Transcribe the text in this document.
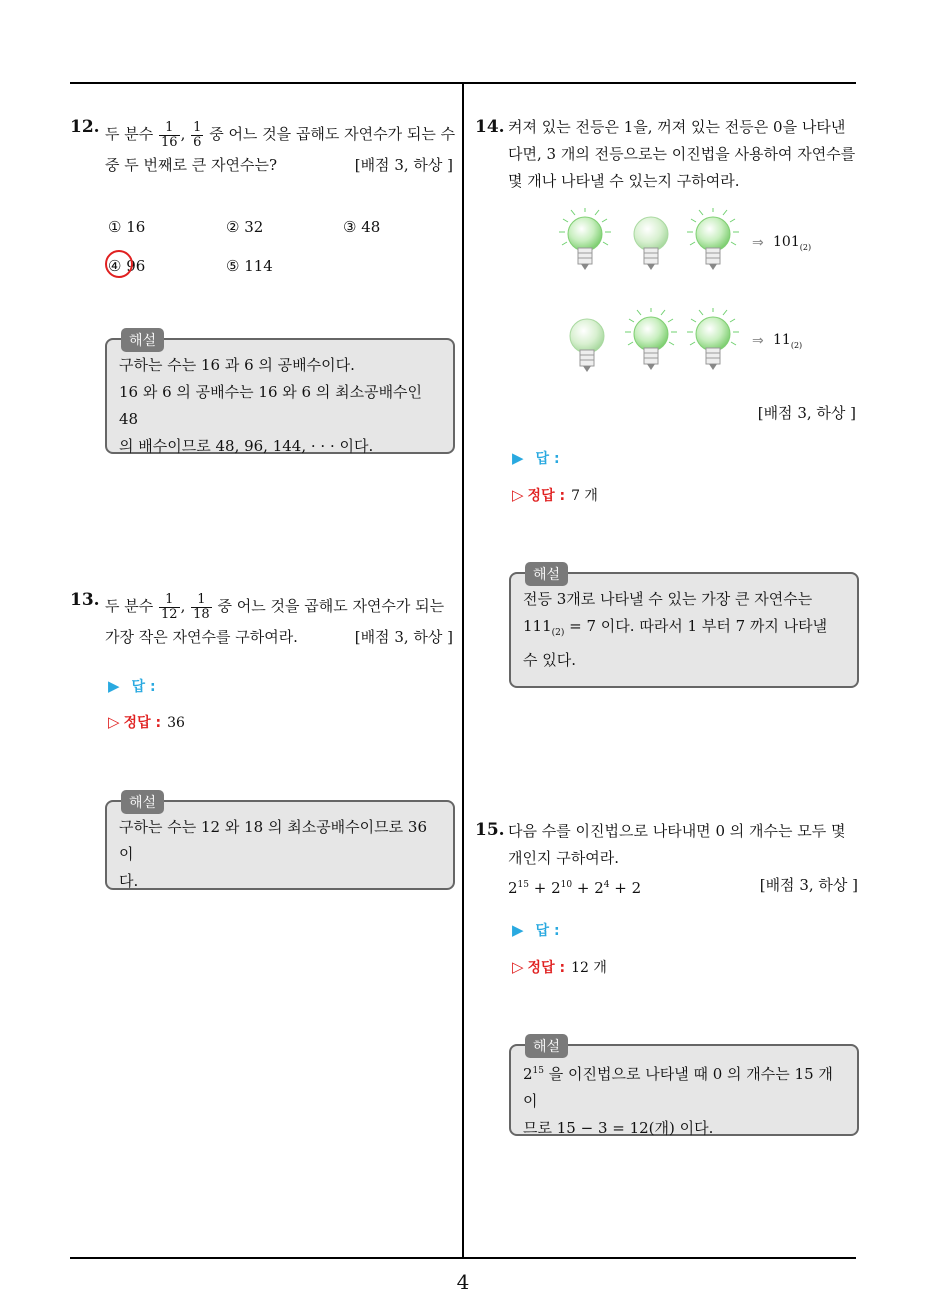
12. 두 분수 $\frac{1}{16}$ , $\frac{1}{6}$ 중 어느 것을 곱해도 자연수가 되는 수
중 두 번째로 큰 자연수는?	[배점 3, 하상 ]
① 16	② 32	③ 48
④ 96	⑤ 114
해설
구하는 수는 16 과 6 의 공배수이다.
16 와 6 의 공배수는 16 와 6 의 최소공배수인 48
의 배수이므로 48, 96, 144, · · · 이다.
13. 두 분수 $\frac{1}{12}$ , $\frac{1}{18}$ 중 어느 것을 곱해도 자연수가 되는
가장 작은 자연수를 구하여라.	[배점 3, 하상 ]
▶ 답 :
▷ 정답 : 36
해설
구하는 수는 12 와 18 의 최소공배수이므로 36 이
다.
14. 켜져 있는 전등은 1을, 꺼져 있는 전등은 0을 나타낸
다면, 3 개의 전등으로는 이진법을 사용하여 자연수를
몇 개나 나타낼 수 있는지 구하여라.
⇒ $101_{(2)}$
⇒ $11_{(2)}$
[배점 3, 하상 ]
▶ 답 :
▷ 정답 : 7 개
해설
전등 3개로 나타낼 수 있는 가장 큰 자연수는
$111_{(2)} = 7$ 이다. 따라서 1 부터 7 까지 나타낼
수 있다.
15. 다음 수를 이진법으로 나타내면 0 의 개수는 모두 몇
개인지 구하여라.
$2^{15} + 2^{10} + 2^4 + 2$	[배점 3, 하상 ]
▶ 답 :
▷ 정답 : 12 개
해설
$2^{15}$ 을 이진법으로 나타낼 때 0 의 개수는 15 개이
므로 15 − 3 = 12(개) 이다.
4
